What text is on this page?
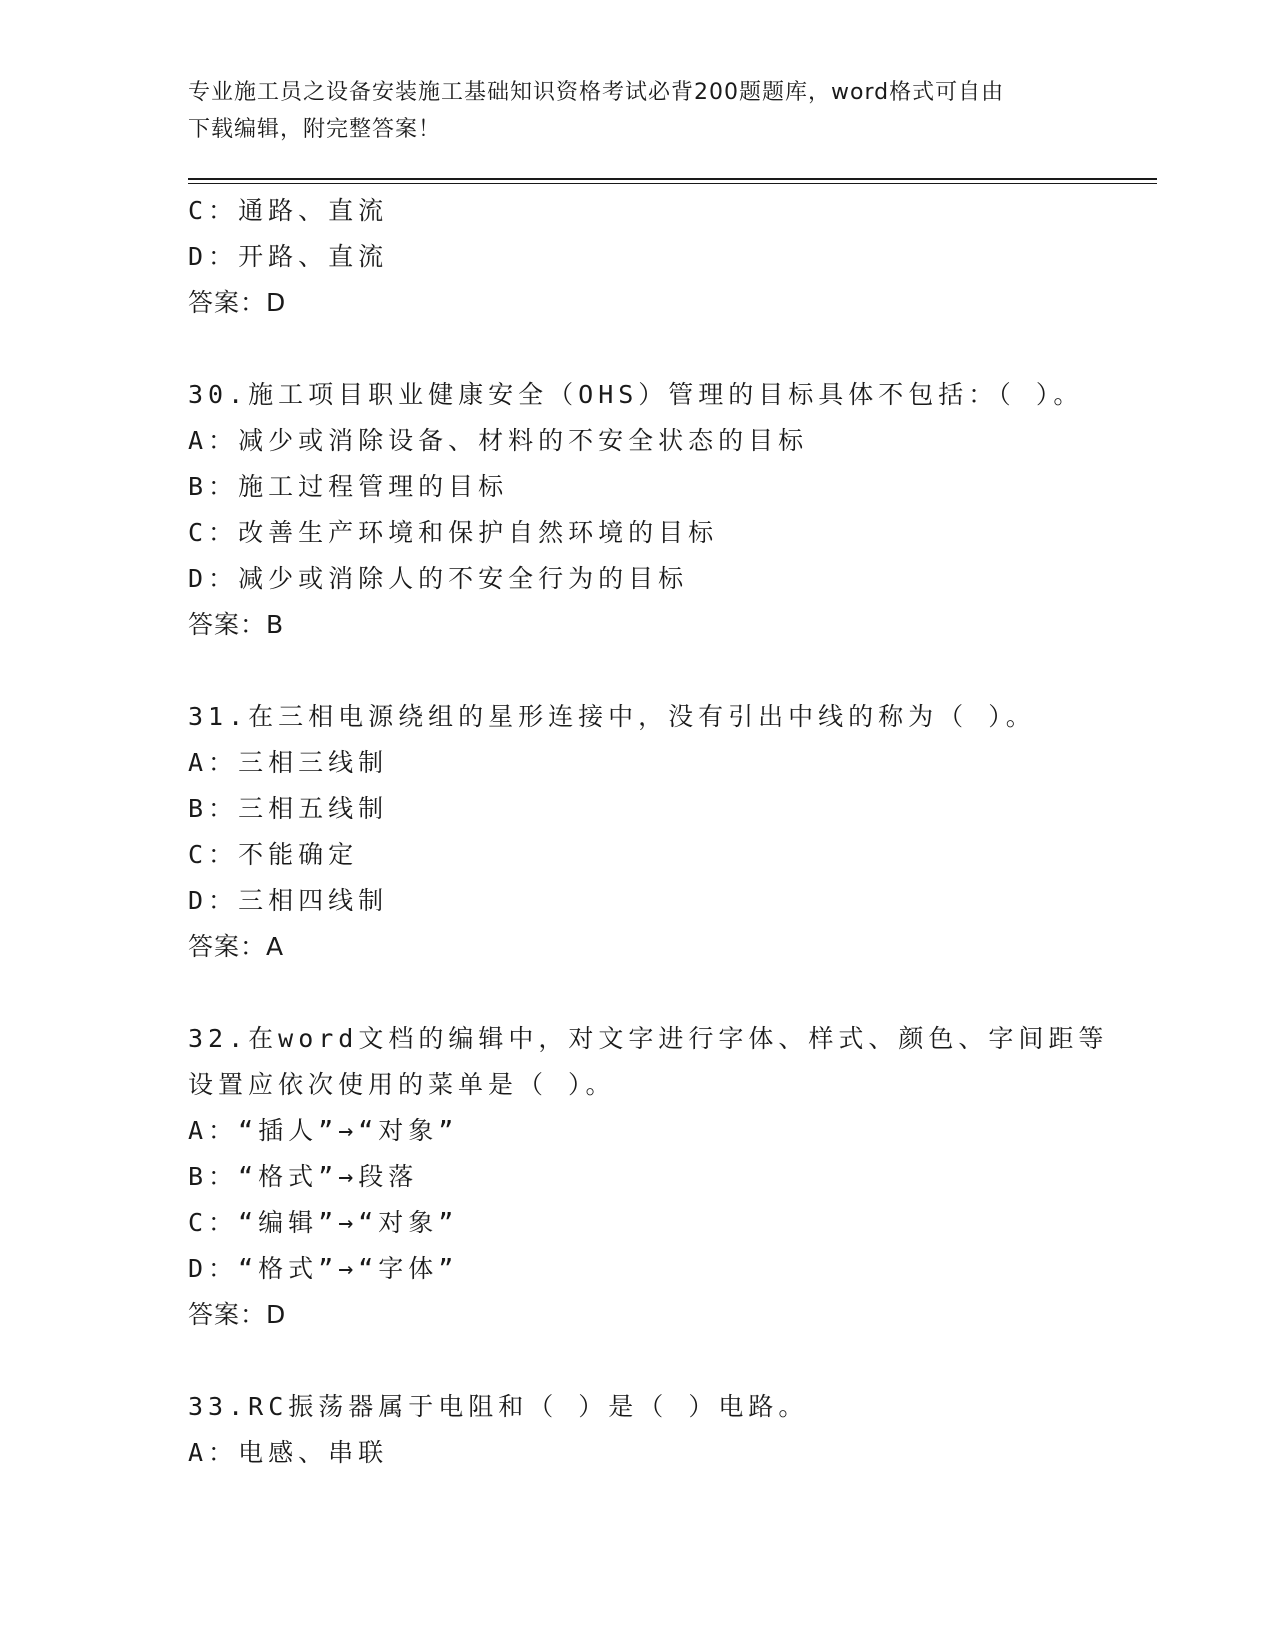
专业施工员之设备安装施工基础知识资格考试必背200题题库，word格式可自由
下载编辑，附完整答案！
C：通路、直流
D：开路、直流
答案：D
30.施工项目职业健康安全（OHS）管理的目标具体不包括：（ ）。
A：减少或消除设备、材料的不安全状态的目标
B：施工过程管理的目标
C：改善生产环境和保护自然环境的目标
D：减少或消除人的不安全行为的目标
答案：B
31.在三相电源绕组的星形连接中，没有引出中线的称为（ ）。
A：三相三线制
B：三相五线制
C：不能确定
D：三相四线制
答案：A
32.在word文档的编辑中，对文字进行字体、样式、颜色、字间距等
设置应依次使用的菜单是（ ）。
A：“插人”→“对象”
B：“格式”→段落
C：“编辑”→“对象”
D：“格式”→“字体”
答案：D
33.RC振荡器属于电阻和（ ）是（ ）电路。
A：电感、串联
